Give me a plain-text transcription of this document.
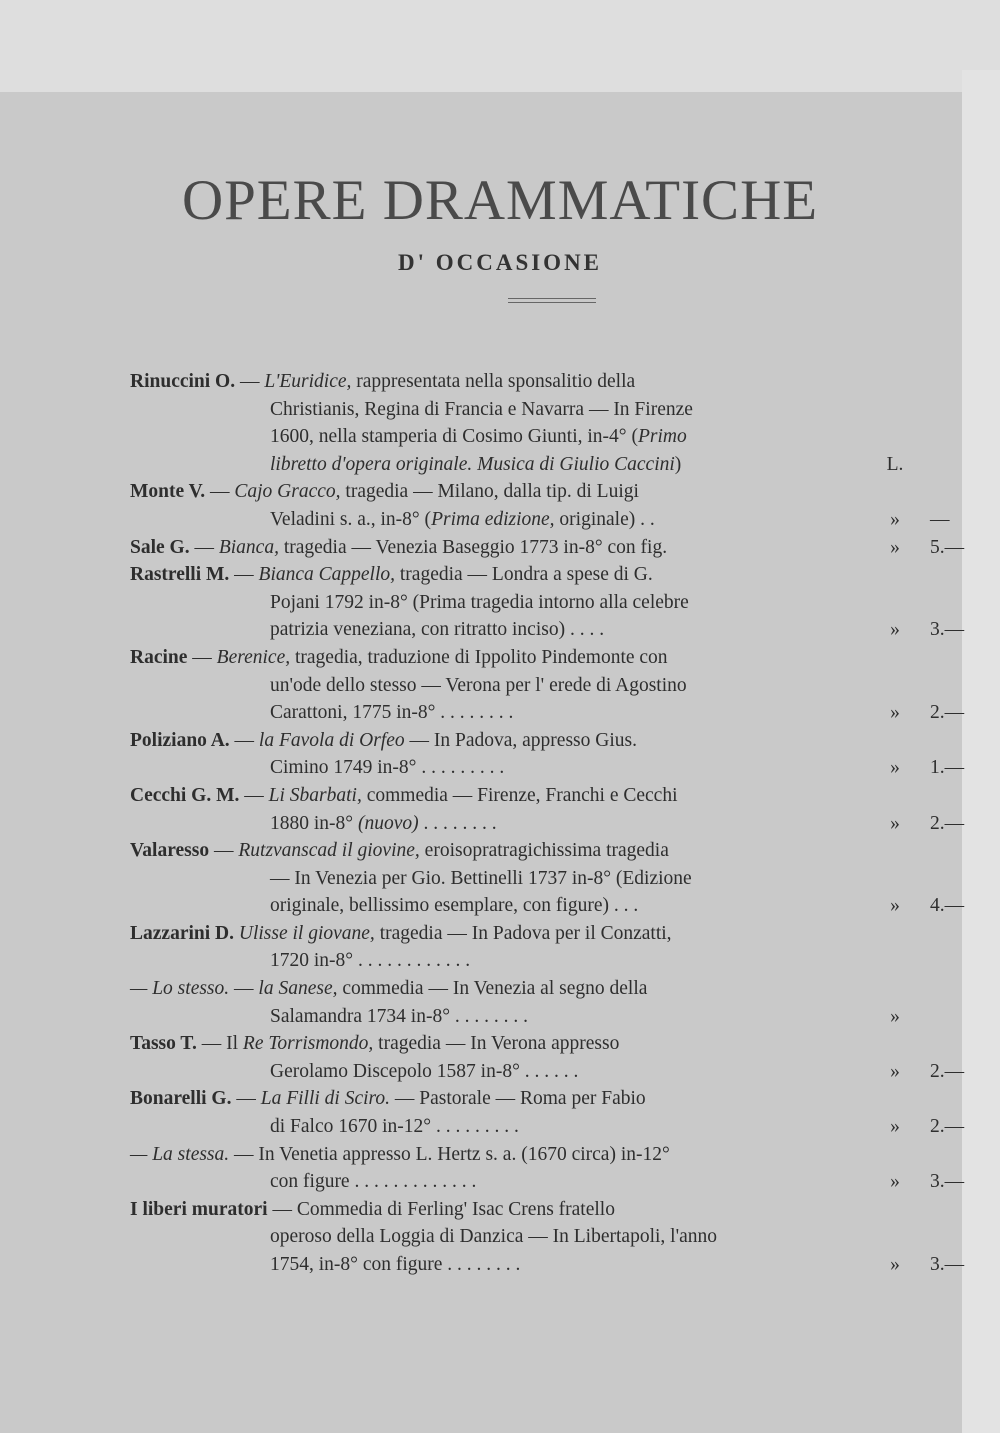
OPERE DRAMMATICHE
D' OCCASIONE
Rinuccini O. — L'Euridice, rappresentata nella sponsalitio della
Christianis, Regina di Francia e Navarra — In Firenze
1600, nella stamperia di Cosimo Giunti, in-4° (Primo
libretto d'opera originale. Musica di Giulio Caccini)	L.
Monte V. — Cajo Gracco, tragedia — Milano, dalla tip. di Luigi
Veladini s. a., in-8° (Prima edizione, originale) . .	» —
Sale G. — Bianca, tragedia — Venezia Baseggio 1773 in-8° con fig.	» 5.—
Rastrelli M. — Bianca Cappello, tragedia — Londra a spese di G.
Pojani 1792 in-8° (Prima tragedia intorno alla celebre
patrizia veneziana, con ritratto inciso) . . . .	» 3.—
Racine — Berenice, tragedia, traduzione di Ippolito Pindemonte con
un'ode dello stesso — Verona per l' erede di Agostino
Carattoni, 1775 in-8° . . . . . . . .	» 2.—
Poliziano A. — la Favola di Orfeo — In Padova, appresso Gius.
Cimino 1749 in-8° . . . . . . . . .	» 1.—
Cecchi G. M. — Li Sbarbati, commedia — Firenze, Franchi e Cecchi
1880 in-8° (nuovo) . . . . . . . .	» 2.—
Valaresso — Rutzvanscad il giovine, eroisopratragichissima tragedia
— In Venezia per Gio. Bettinelli 1737 in-8° (Edizione
originale, bellissimo esemplare, con figure) . . .	» 4.—
Lazzarini D. Ulisse il giovane, tragedia — In Padova per il Conzatti,
1720 in-8° . . . . . . . . . . . .
— Lo stesso. — la Sanese, commedia — In Venezia al segno della
Salamandra 1734 in-8° . . . . . . . .	»
Tasso T. — Il Re Torrismondo, tragedia — In Verona appresso
Gerolamo Discepolo 1587 in-8° . . . . . .	» 2.—
Bonarelli G. — La Filli di Sciro. — Pastorale — Roma per Fabio
di Falco 1670 in-12° . . . . . . . . .	» 2.—
— La stessa. — In Venetia appresso L. Hertz s. a. (1670 circa) in-12°
con figure . . . . . . . . . . . . .	» 3.—
I liberi muratori — Commedia di Ferling' Isac Crens fratello
operoso della Loggia di Danzica — In Libertapoli, l'anno
1754, in-8° con figure . . . . . . . .	» 3.—
